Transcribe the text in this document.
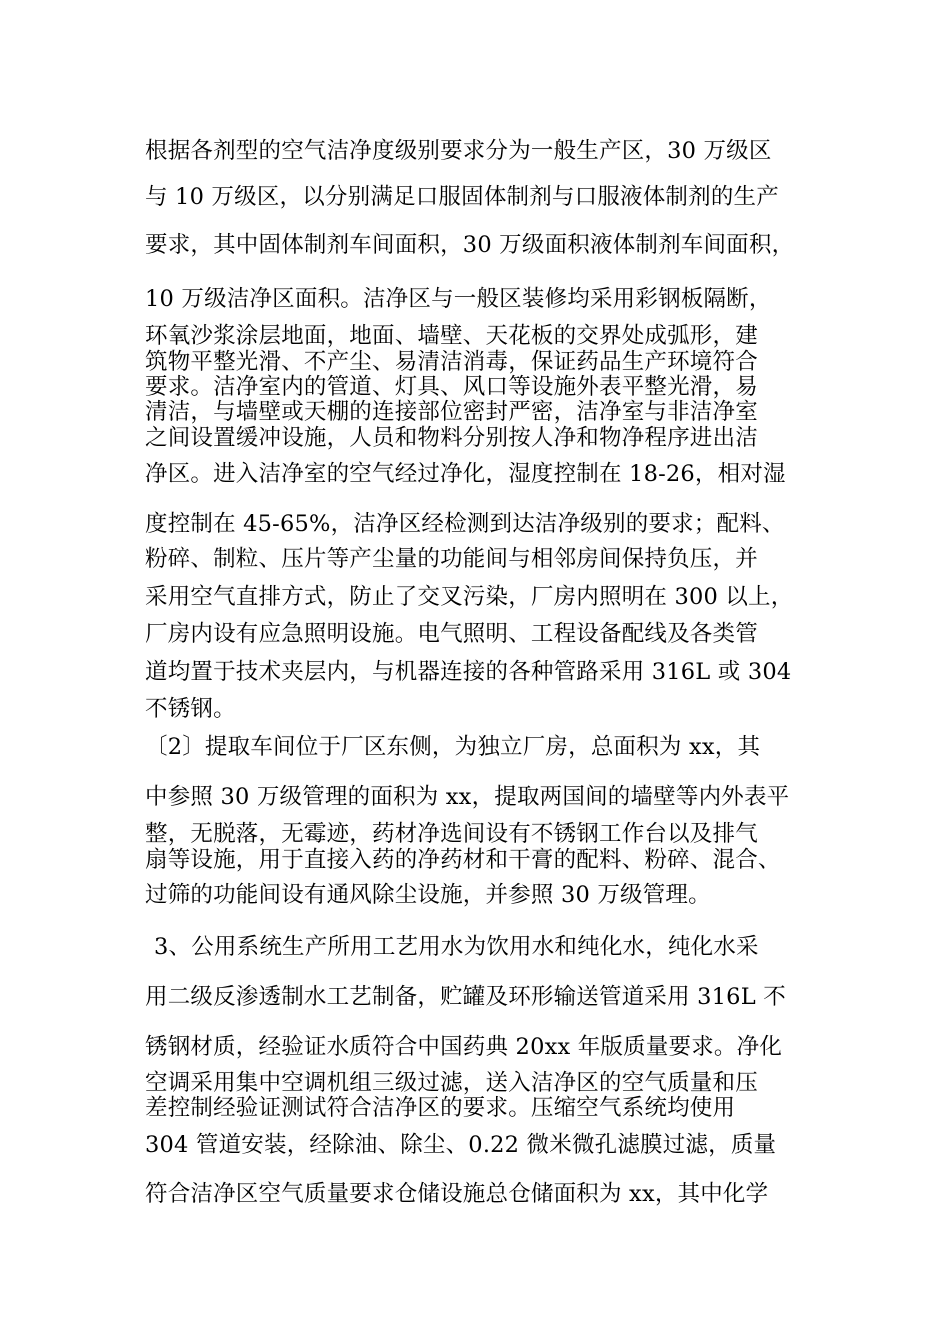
根据各剂型的空气洁净度级别要求分为一般生产区，30 万级区
与 10 万级区，以分别满足口服固体制剂与口服液体制剂的生产
要求，其中固体制剂车间面积，30 万级面积液体制剂车间面积，
10 万级洁净区面积。洁净区与一般区装修均采用彩钢板隔断，
环氧沙浆涂层地面，地面、墙壁、天花板的交界处成弧形，建
筑物平整光滑、不产尘、易清洁消毒，保证药品生产环境符合
要求。洁净室内的管道、灯具、风口等设施外表平整光滑，易
清洁，与墙壁或天棚的连接部位密封严密，洁净室与非洁净室
之间设置缓冲设施，人员和物料分别按人净和物净程序进出洁
净区。进入洁净室的空气经过净化，湿度控制在 18-26，相对湿
度控制在 45-65%，洁净区经检测到达洁净级别的要求；配料、
粉碎、制粒、压片等产尘量的功能间与相邻房间保持负压，并
采用空气直排方式，防止了交叉污染，厂房内照明在 300 以上，
厂房内设有应急照明设施。电气照明、工程设备配线及各类管
道均置于技术夹层内，与机器连接的各种管路采用 316L 或 304
不锈钢。
〔2〕提取车间位于厂区东侧，为独立厂房，总面积为 xx，其
中参照 30 万级管理的面积为 xx，提取两国间的墙壁等内外表平
整，无脱落，无霉迹，药材净选间设有不锈钢工作台以及排气
扇等设施，用于直接入药的净药材和干膏的配料、粉碎、混合、
过筛的功能间设有通风除尘设施，并参照 30 万级管理。
3、公用系统生产所用工艺用水为饮用水和纯化水，纯化水采
用二级反渗透制水工艺制备，贮罐及环形输送管道采用 316L 不
锈钢材质，经验证水质符合中国药典 20xx 年版质量要求。净化
空调采用集中空调机组三级过滤，送入洁净区的空气质量和压
差控制经验证测试符合洁净区的要求。压缩空气系统均使用
304 管道安装，经除油、除尘、0.22 微米微孔滤膜过滤，质量
符合洁净区空气质量要求仓储设施总仓储面积为 xx，其中化学
